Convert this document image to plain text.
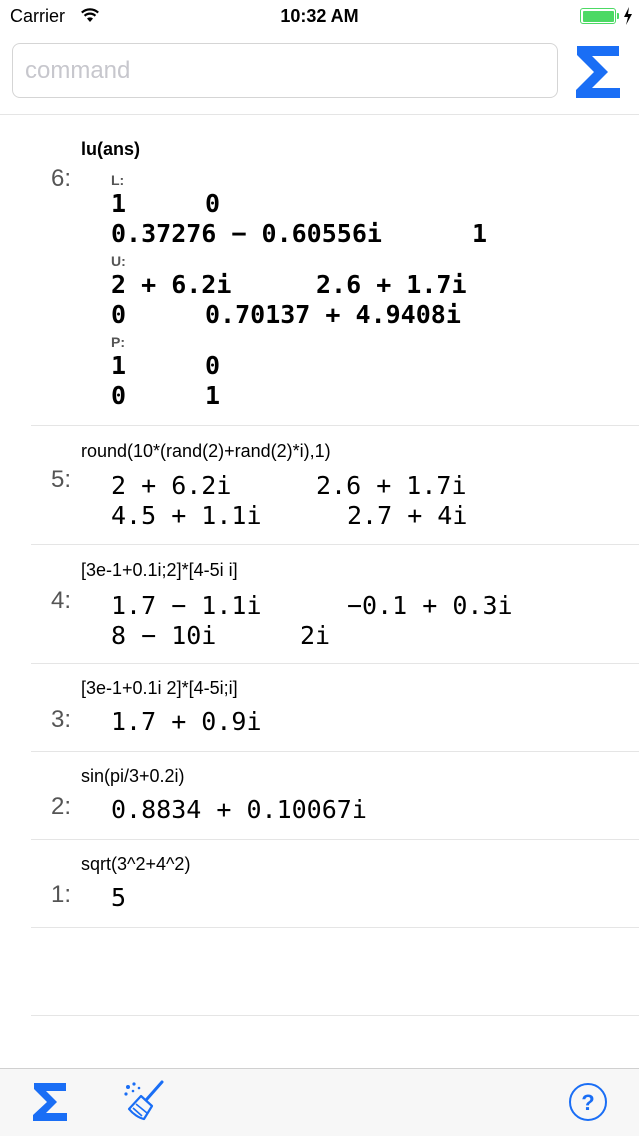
Carrier	10:32 AM
command
6:
lu(ans)
L:
1	0
0.37276 − 0.60556i	1
U:
2 + 6.2i	2.6 + 1.7i
0	0.70137 + 4.9408i
P:
1	0
0	1
5:
round(10*(rand(2)+rand(2)*i),1)
2 + 6.2i	2.6 + 1.7i
4.5 + 1.1i	2.7 + 4i
4:
[3e-1+0.1i;2]*[4-5i i]
1.7 − 1.1i	−0.1 + 0.3i
8 − 10i	2i
3:
[3e-1+0.1i 2]*[4-5i;i]
1.7 + 0.9i
2:
sin(pi/3+0.2i)
0.8834 + 0.10067i
1:
sqrt(3^2+4^2)
5
?
